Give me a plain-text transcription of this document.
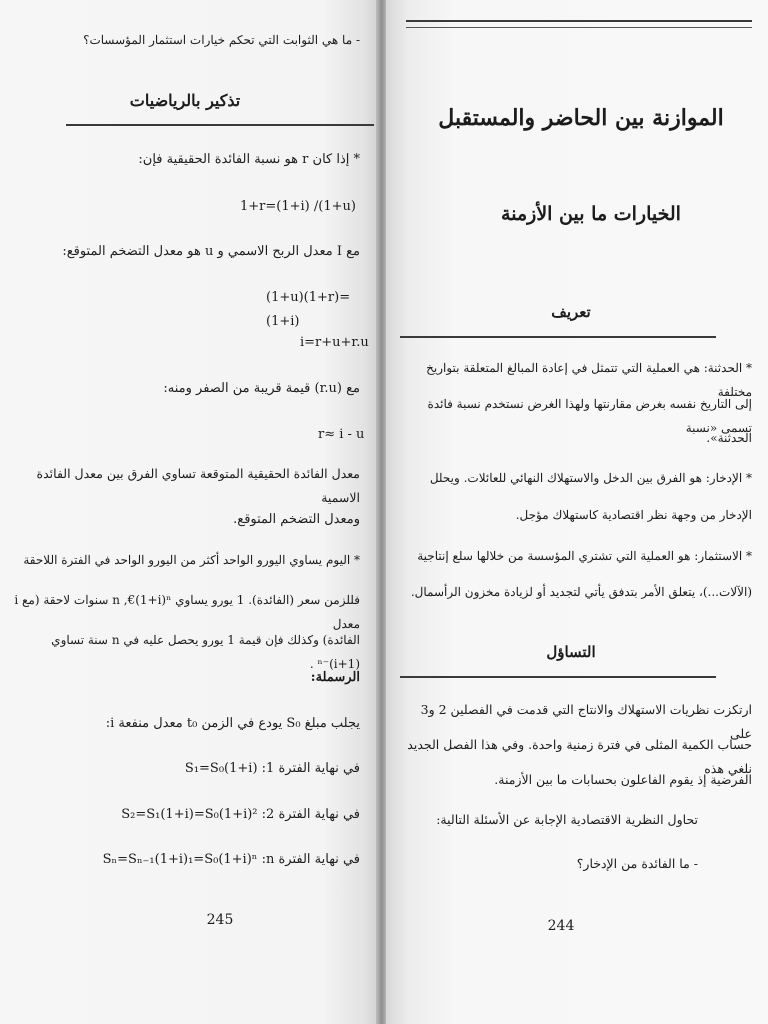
- ما هي الثوابت التي تحكم خيارات استثمار المؤسسات؟
تذكير بالرياضيات
* إذا كان r هو نسبة الفائدة الحقيقية فإن:
1+r=(1+i) /(1+u)
مع I معدل الربح الاسمي و u هو معدل التضخم المتوقع:
(1+u)(1+r)=(1+i)
i=r+u+r.u
مع (r.u) قيمة قريبة من الصفر ومنه:
r≈ i - u
معدل الفائدة الحقيقية المتوقعة تساوي الفرق بين معدل الفائدة الاسمية
ومعدل التضخم المتوقع.
* اليوم يساوي اليورو الواحد أكثر من اليورو الواحد في الفترة اللاحقة
فللزمن سعر (الفائدة). 1 يورو يساوي n ,€(1+i)ⁿ سنوات لاحقة (مع i معدل
الفائدة) وكذلك فإن قيمة 1 يورو يحصل عليه في n سنة تساوي (1+i)⁻ⁿ .
الرسملة:
يجلب مبلغ S₀ يودع في الزمن t₀ معدل منفعة i:
في نهاية الفترة 1: S₁=S₀(1+i)
في نهاية الفترة 2: S₂=S₁(1+i)=S₀(1+i)²
في نهاية الفترة n: Sₙ=Sₙ₋₁(1+i)₁=S₀(1+i)ⁿ
245
الموازنة بين الحاضر والمستقبل
الخيارات ما بين الأزمنة
تعريف
* الحدثنة: هي العملية التي تتمثل في إعادة المبالغ المتعلقة بتواريخ مختلفة
إلى التاريخ نفسه بغرض مقارنتها ولهذا الغرض نستخدم نسبة فائدة تسمى «نسبة
الحدثنة».
* الإدخار: هو الفرق بين الدخل والاستهلاك النهائي للعائلات. ويحلل
الإدخار من وجهة نظر اقتصادية كاستهلاك مؤجل.
* الاستثمار: هو العملية التي تشتري المؤسسة من خلالها سلع إنتاجية
(الآلات...)، يتعلق الأمر بتدفق يأتي لتجديد أو لزيادة مخزون الرأسمال.
التساؤل
ارتكزت نظريات الاستهلاك والانتاج التي قدمت في الفصلين 2 و3 على
حساب الكمية المثلى في فترة زمنية واحدة. وفي هذا الفصل الجديد نلغي هذه
الفرضية إذ يقوم الفاعلون بحسابات ما بين الأزمنة.
تحاول النظرية الاقتصادية الإجابة عن الأسئلة التالية:
- ما الفائدة من الإدخار؟
244
